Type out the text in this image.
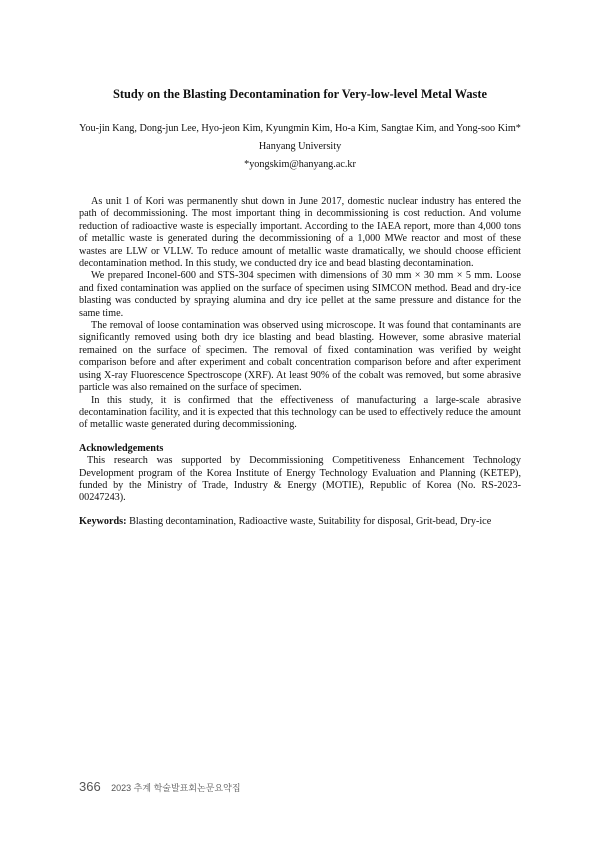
Study on the Blasting Decontamination for Very-low-level Metal Waste

You-jin Kang, Dong-jun Lee, Hyo-jeon Kim, Kyungmin Kim, Ho-a Kim, Sangtae Kim, and Yong-soo Kim*

Hanyang University

*yongskim@hanyang.ac.kr

As unit 1 of Kori was permanently shut down in June 2017, domestic nuclear industry has entered the path of decommissioning. The most important thing in decommissioning is cost reduction. And volume reduction of radioactive waste is especially important. According to the IAEA report, more than 4,000 tons of metallic waste is generated during the decommissioning of a 1,000 MWe reactor and most of these wastes are LLW or VLLW. To reduce amount of metallic waste dramatically, we should choose efficient decontamination method. In this study, we conducted dry ice and bead blasting decontamination.

We prepared Inconel-600 and STS-304 specimen with dimensions of 30 mm × 30 mm × 5 mm. Loose and fixed contamination was applied on the surface of specimen using SIMCON method. Bead and dry-ice blasting was conducted by spraying alumina and dry ice pellet at the same pressure and distance for the same time.

The removal of loose contamination was observed using microscope. It was found that contaminants are significantly removed using both dry ice blasting and bead blasting. However, some abrasive material remained on the surface of specimen. The removal of fixed contamination was verified by weight comparison before and after experiment and cobalt concentration comparison before and after experiment using X-ray Fluorescence Spectroscope (XRF). At least 90% of the cobalt was removed, but some abrasive particle was also remained on the surface of specimen.

In this study, it is confirmed that the effectiveness of manufacturing a large-scale abrasive decontamination facility, and it is expected that this technology can be used to effectively reduce the amount of metallic waste generated during decommissioning.

Acknowledgements

This research was supported by Decommissioning Competitiveness Enhancement Technology Development program of the Korea Institute of Energy Technology Evaluation and Planning (KETEP), funded by the Ministry of Trade, Industry & Energy (MOTIE), Republic of Korea (No. RS-2023-00247243).

Keywords: Blasting decontamination, Radioactive waste, Suitability for disposal, Grit-bead, Dry-ice
366 2023 추계 학술발표회논문요약집
